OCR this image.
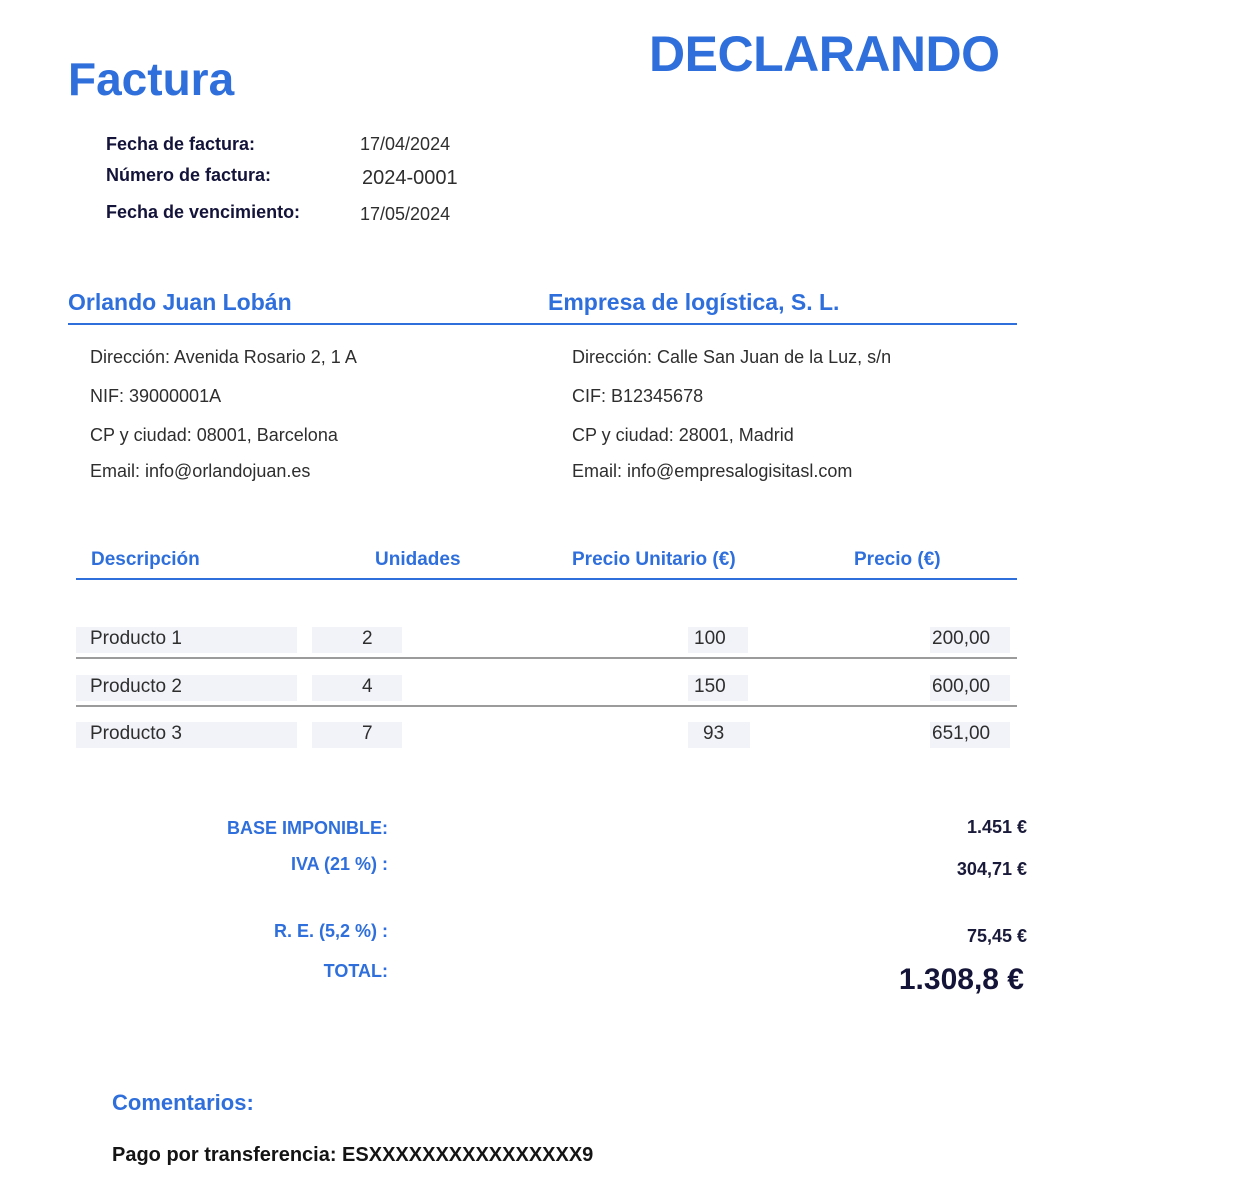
DECLARANDO
Factura
Fecha de factura:	17/04/2024
Número de factura:	2024-0001
Fecha de vencimiento:	17/05/2024
Orlando Juan Lobán	Empresa de logística, S. L.
Dirección: Avenida Rosario 2, 1 A
NIF: 39000001A
CP y ciudad: 08001, Barcelona
Email: info@orlandojuan.es
Dirección: Calle San Juan de la Luz, s/n
CIF: B12345678
CP y ciudad: 28001, Madrid
Email: info@empresalogisitasl.com
Descripción	Unidades	Precio Unitario (€)	Precio (€)
Producto 1	2	100	200,00
Producto 2	4	150	600,00
Producto 3	7	93	651,00
BASE IMPONIBLE:	1.451 €
IVA (21 %) :	304,71 €
R. E. (5,2 %) :	75,45 €
TOTAL:	1.308,8 €
Comentarios:
Pago por transferencia: ESXXXXXXXXXXXXXXXX9
